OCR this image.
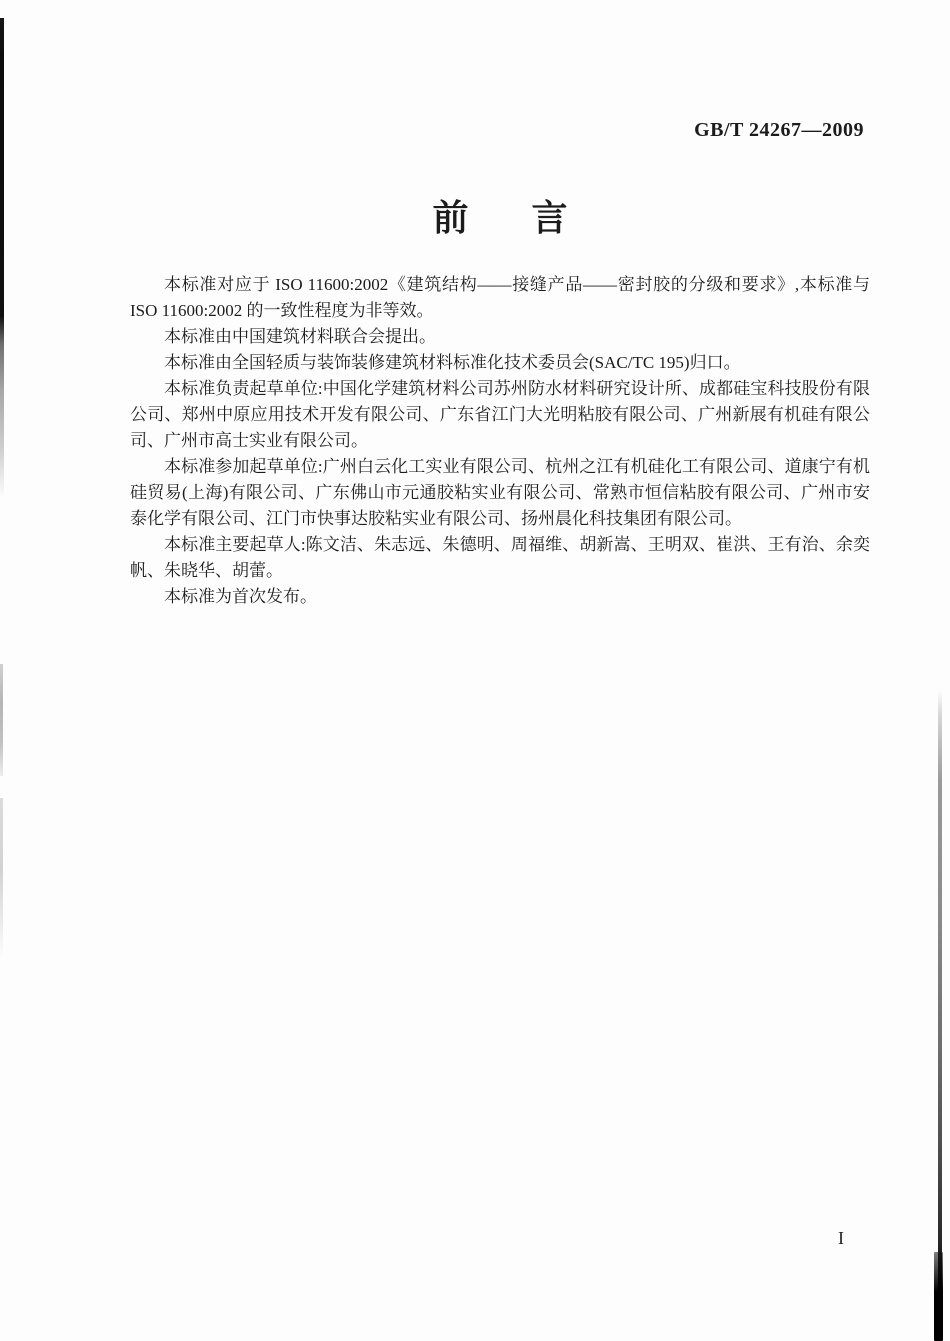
GB/T 24267—2009
前言

本标准对应于 ISO 11600:2002《建筑结构——接缝产品——密封胶的分级和要求》,本标准与 ISO 11600:2002 的一致性程度为非等效。

本标准由中国建筑材料联合会提出。

本标准由全国轻质与装饰装修建筑材料标准化技术委员会(SAC/TC 195)归口。

本标准负责起草单位:中国化学建筑材料公司苏州防水材料研究设计所、成都硅宝科技股份有限公司、郑州中原应用技术开发有限公司、广东省江门大光明粘胶有限公司、广州新展有机硅有限公司、广州市高士实业有限公司。

本标准参加起草单位:广州白云化工实业有限公司、杭州之江有机硅化工有限公司、道康宁有机硅贸易(上海)有限公司、广东佛山市元通胶粘实业有限公司、常熟市恒信粘胶有限公司、广州市安泰化学有限公司、江门市快事达胶粘实业有限公司、扬州晨化科技集团有限公司。

本标准主要起草人:陈文洁、朱志远、朱德明、周福维、胡新嵩、王明双、崔洪、王有治、余奕帆、朱晓华、胡蕾。

本标准为首次发布。

I
